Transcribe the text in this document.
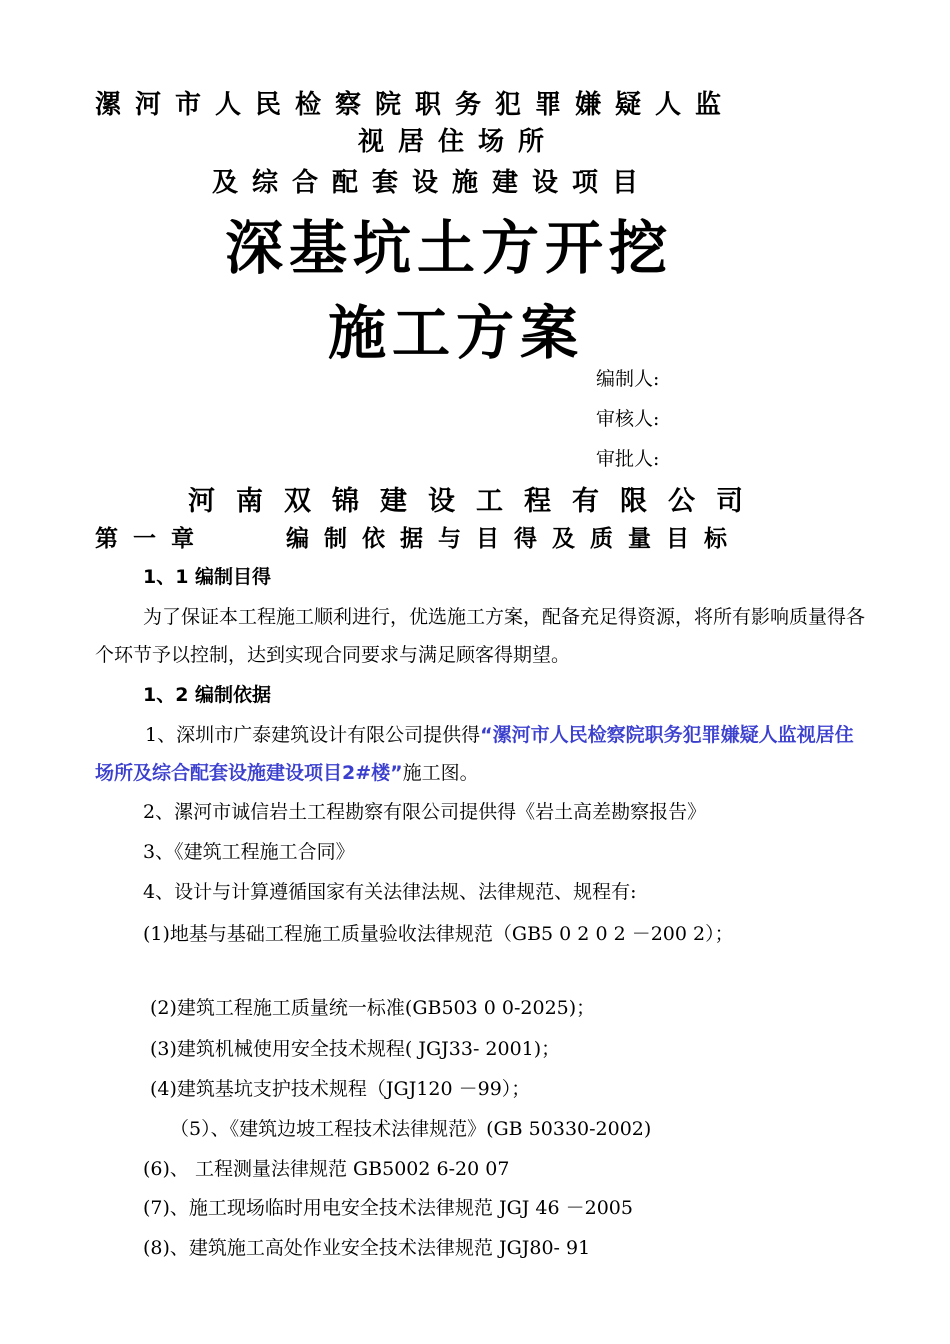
漯河市人民检察院职务犯罪嫌疑人监
视居住场所
及综合配套设施建设项目
深基坑土方开挖
施工方案
编制人:
审核人:
审批人:
河南双锦建设工程有限公司
第一章	编制依据与目得及质量目标
1、1 编制目得
为了保证本工程施工顺利进行，优选施工方案，配备充足得资源，将所有影响质量得各个环节予以控制，达到实现合同要求与满足顾客得期望。
1、2 编制依据
1、深圳市广泰建筑设计有限公司提供得“漯河市人民检察院职务犯罪嫌疑人监视居住场所及综合配套设施建设项目2#楼”施工图。
2、漯河市诚信岩土工程勘察有限公司提供得《岩土高差勘察报告》
3、《建筑工程施工合同》
4、设计与计算遵循国家有关法律法规、法律规范、规程有:
(1)地基与基础工程施工质量验收法律规范（GB5 0 2 0 2 －200 2）；
(2)建筑工程施工质量统一标准(GB503 0 0-2025)；
(3)建筑机械使用安全技术规程( JGJ33- 2001)；
(4)建筑基坑支护技术规程（JGJ120 －99）；
（5）、《建筑边坡工程技术法律规范》(GB 50330-2002)
(6)、 工程测量法律规范 GB5002 6-20 07
(7)、施工现场临时用电安全技术法律规范 JGJ 46 －2005
(8)、建筑施工高处作业安全技术法律规范 JGJ80- 91
